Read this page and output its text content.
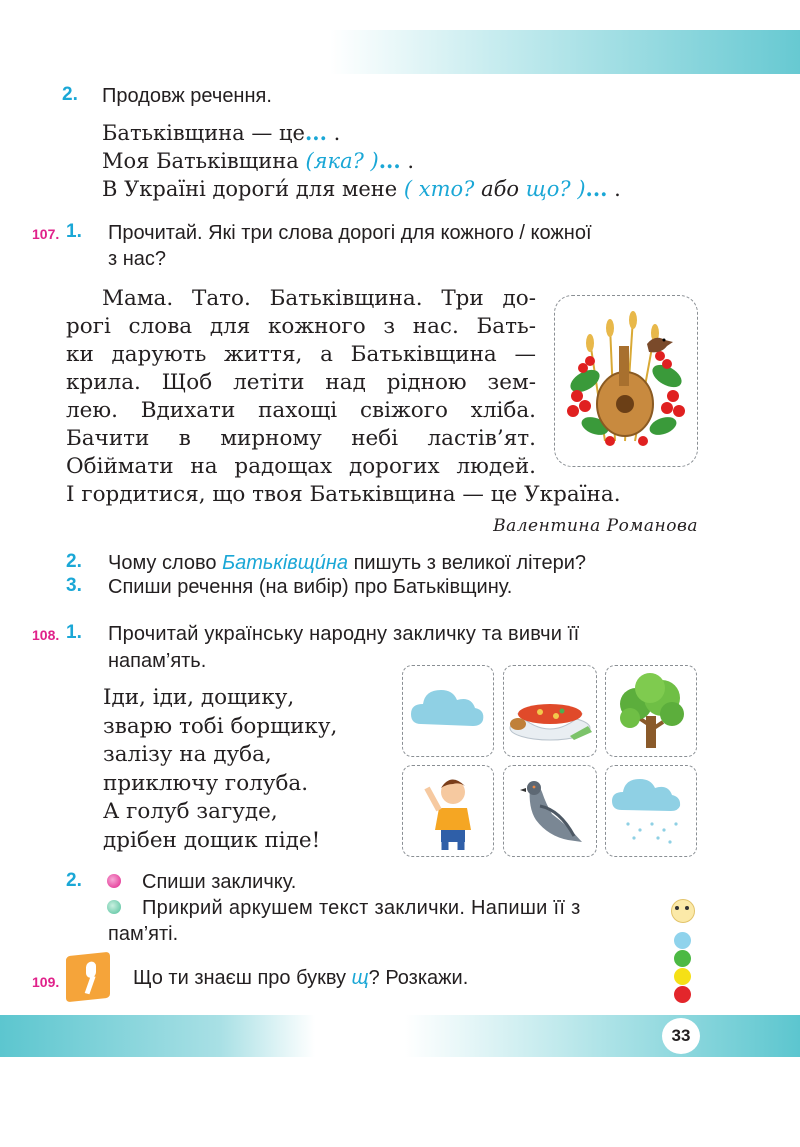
2. Продовж речення.
Батьківщина — це... .
Моя Батьківщина (яка? )... .
В Україні дороги́ для мене ( хто? або що? )... .
107. 1. Прочитай. Які три слова дорогі для кожного / кожної
з нас?
Мама. Тато. Батьківщина. Три до-
рогі слова для кожного з нас. Бать-
ки дарують життя, а Батьківщина —
крила. Щоб летіти над рідною зем-
лею. Вдихати пахощі свіжого хліба.
Бачити в мирному небі ластів’ят.
Обіймати на радощах дорогих людей.
І гордитися, що твоя Батьківщина — це Україна.
Валентина Романова
2. Чому слово Батьківщи́на пишуть з великої літери?
3. Спиши речення (на вибір) про Батьківщину.
108. 1. Прочитай українську народну закличку та вивчи її
напам’ять.
Іди, іди, дощику,
зварю тобі борщику,
залізу на дуба,
приключу голуба.
А голуб загуде,
дрібен дощик піде!
2.	Спиши закличку.
Прикрий аркушем текст заклички. Напиши її з
пам’яті.
109.	Що ти знаєш про букву щ? Розкажи.
33
